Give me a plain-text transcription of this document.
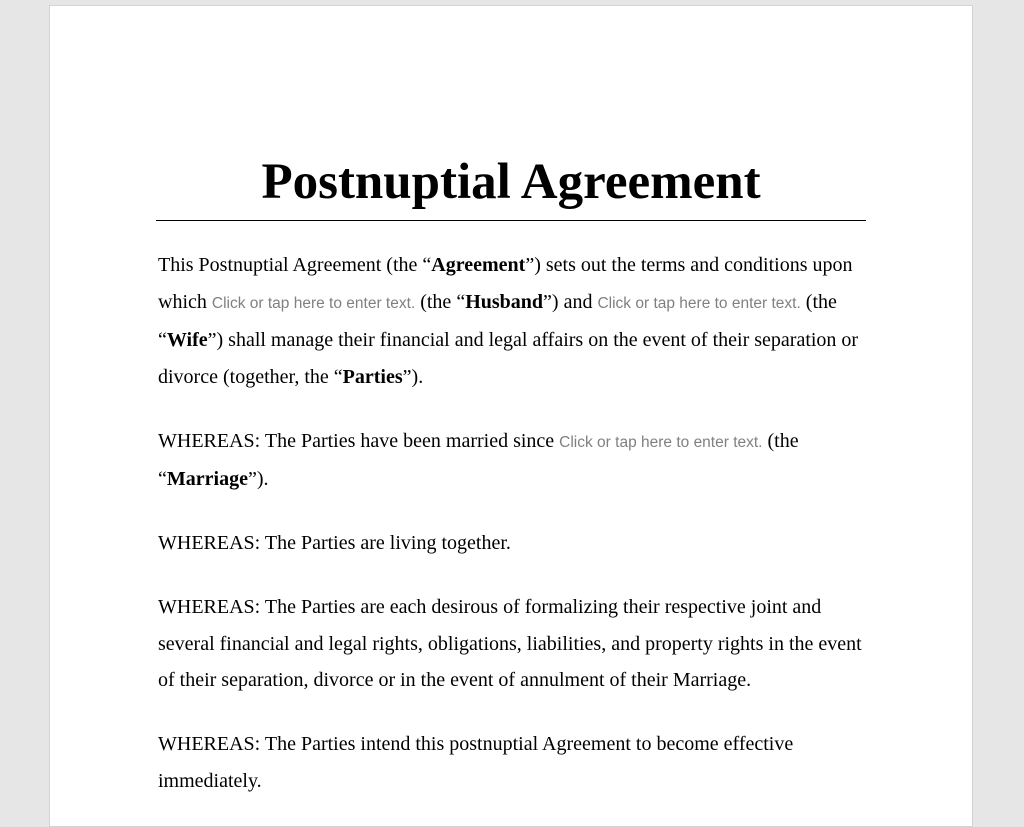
Postnuptial Agreement

This Postnuptial Agreement (the “Agreement”) sets out the terms and conditions upon which Click or tap here to enter text. (the “Husband”) and Click or tap here to enter text. (the “Wife”) shall manage their financial and legal affairs on the event of their separation or divorce (together, the “Parties”).

WHEREAS: The Parties have been married since Click or tap here to enter text. (the “Marriage”).

WHEREAS: The Parties are living together.

WHEREAS: The Parties are each desirous of formalizing their respective joint and several financial and legal rights, obligations, liabilities, and property rights in the event of their separation, divorce or in the event of annulment of their Marriage.

WHEREAS: The Parties intend this postnuptial Agreement to become effective immediately.
